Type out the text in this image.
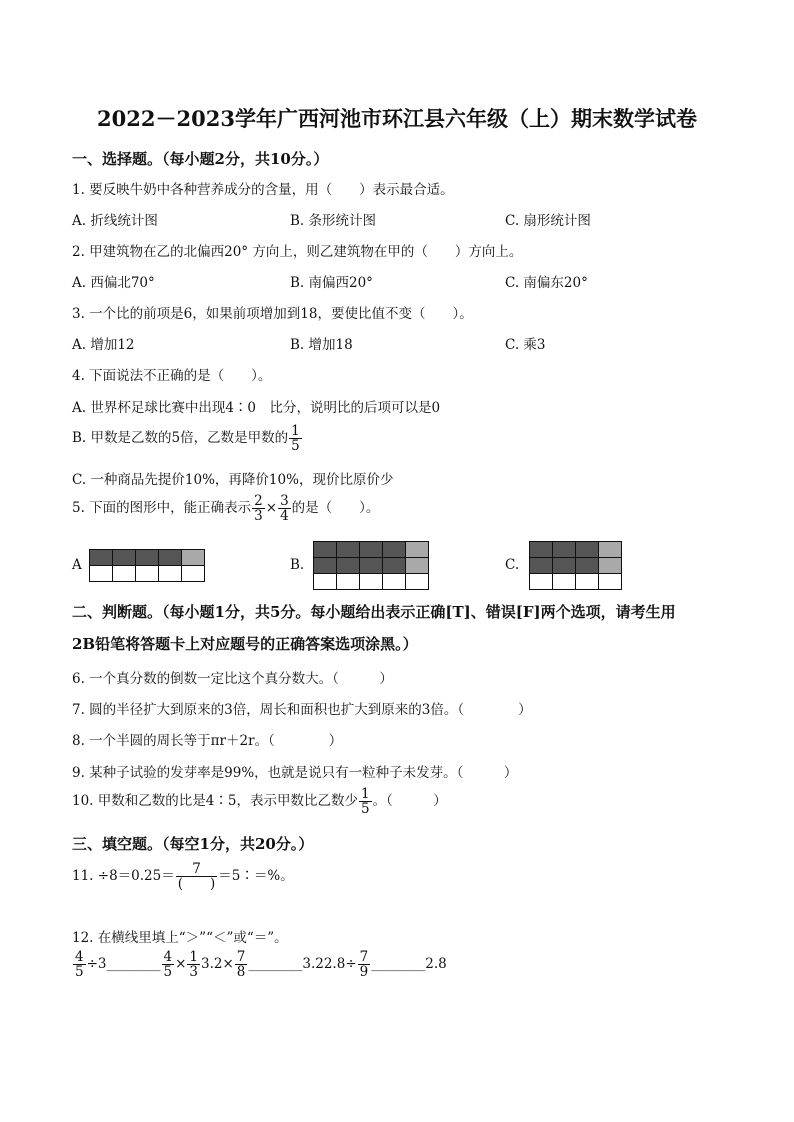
2022－2023学年广西河池市环江县六年级（上）期末数学试卷
一、选择题。（每小题2分，共10分。）
1. 要反映牛奶中各种营养成分的含量，用（　　）表示最合适。
A. 折线统计图	B. 条形统计图	C. 扇形统计图
2. 甲建筑物在乙的北偏西20° 方向上，则乙建筑物在甲的（　　）方向上。
A. 西偏北70°	B. 南偏西20°	C. 南偏东20°
3. 一个比的前项是6，如果前项增加到18，要使比值不变（　　）。
A. 增加12	B. 增加18	C. 乘3
4. 下面说法不正确的是（　　）。
A. 世界杯足球比赛中出现4∶0　比分，说明比的后项可以是0
B. 甲数是乙数的5倍，乙数是甲数的 $\frac{1}{5}$
C. 一种商品先提价10%，再降价10%，现价比原价少
5. 下面的图形中，能正确表示 $\frac{2}{3} \times \frac{3}{4}$ 的是（　　）。
A	B.	C.
二、判断题。（每小题1分，共5分。每小题给出表示正确[T]、错误[F]两个选项，请考生用
2B铅笔将答题卡上对应题号的正确答案选项涂黑。）
6. 一个真分数的倒数一定比这个真分数大。（　　　）
7. 圆的半径扩大到原来的3倍，周长和面积也扩大到原来的3倍。（　　　　）
8. 一个半圆的周长等于πr＋2r。（　　　　）
9. 某种子试验的发芽率是99%，也就是说只有一粒种子未发芽。（　　　）
10. 甲数和乙数的比是4∶5，表示甲数比乙数少 $\frac{1}{5}$ 。（　　　）
三、填空题。（每空1分，共20分。）
11. $\div 8=0.25= \frac{7}{( )}$ ＝5∶＝%。
12. 在横线里填上“＞”“＜”或“＝”。
$\frac{4}{5}$ ÷3________ $\frac{4}{5} \times \frac{1}{3} 3.2\times \frac{7}{8}$ ________3.22.8÷ $\frac{7}{9}$ ________2.8
